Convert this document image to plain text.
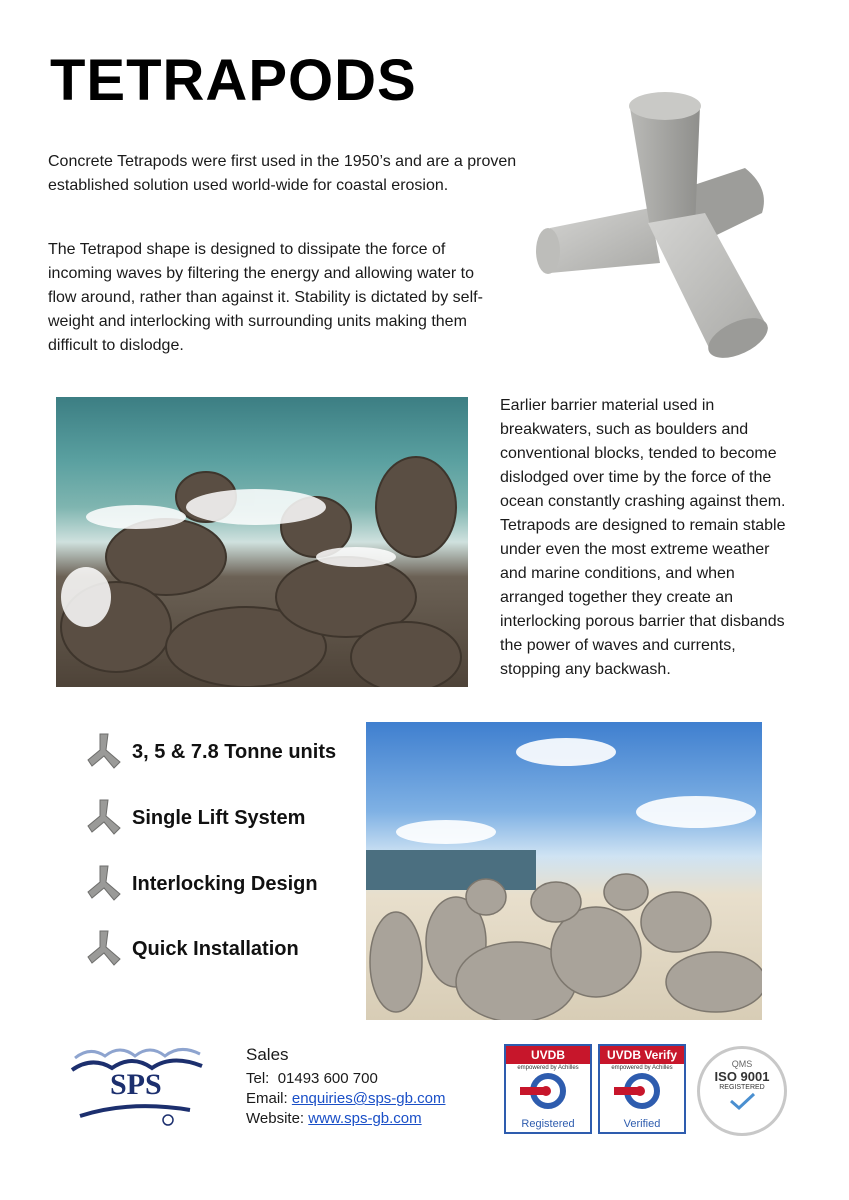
TETRAPODS

Concrete Tetrapods were first used in the 1950’s and are a proven established solution used world-wide for coastal erosion.

The Tetrapod shape is designed to dissipate the force of incoming waves by filtering the energy and allowing water to flow around, rather than against it. Stability is dictated by self-weight and interlocking with surrounding units making them difficult to dislodge.

Earlier barrier material used in breakwaters, such as boulders and conventional blocks, tended to become dislodged over time by the force of the ocean constantly crashing against them. Tetrapods are designed to remain stable under even the most extreme weather and marine conditions, and when arranged together they create an interlocking porous barrier that disbands the power of waves and currents, stopping any backwash.

3, 5 & 7.8 Tonne units
Single Lift System
Interlocking Design
Quick Installation
SPS
Sales
Tel: 01493 600 700
Email: enquiries@sps-gb.com
Website: www.sps-gb.com
UVDB
empowered by Achilles
Registered
UVDB Verify
empowered by Achilles
Verified
QMS
ISO 9001
REGISTERED
